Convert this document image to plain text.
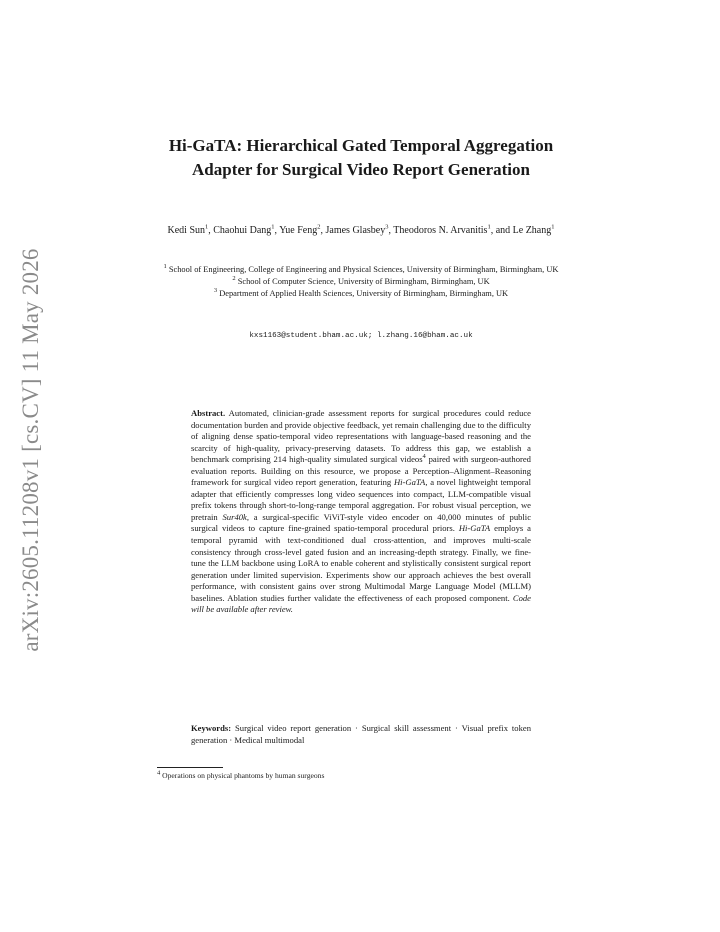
arXiv:2605.11208v1 [cs.CV] 11 May 2026
Hi-GaTA: Hierarchical Gated Temporal Aggregation Adapter for Surgical Video Report Generation
Kedi Sun$^1$, Chaohui Dang$^1$, Yue Feng$^2$, James Glasbey$^3$, Theodoros N. Arvanitis$^1$, and Le Zhang$^1$
$^1$ School of Engineering, College of Engineering and Physical Sciences, University of Birmingham, Birmingham, UK
$^2$ School of Computer Science, University of Birmingham, Birmingham, UK
$^3$ Department of Applied Health Sciences, University of Birmingham, Birmingham, UK
kxs1163@student.bham.ac.uk; l.zhang.16@bham.ac.uk
Abstract. Automated, clinician-grade assessment reports for surgical procedures could reduce documentation burden and provide objective feedback, yet remain challenging due to the difficulty of aligning dense spatio-temporal video representations with language-based reasoning and the scarcity of high-quality, privacy-preserving datasets. To address this gap, we establish a benchmark comprising 214 high-quality simulated surgical videos$^4$ paired with surgeon-authored evaluation reports. Building on this resource, we propose a Perception–Alignment–Reasoning framework for surgical video report generation, featuring Hi-GaTA, a novel lightweight temporal adapter that efficiently compresses long video sequences into compact, LLM-compatible visual prefix tokens through short-to-long-range temporal aggregation. For robust visual perception, we pretrain Sur40k, a surgical-specific ViViT-style video encoder on 40,000 minutes of public surgical videos to capture fine-grained spatio-temporal procedural priors. Hi-GaTA employs a temporal pyramid with text-conditioned dual cross-attention, and improves multi-scale consistency through cross-level gated fusion and an increasing-depth strategy. Finally, we fine-tune the LLM backbone using LoRA to enable coherent and stylistically consistent surgical report generation under limited supervision. Experiments show our approach achieves the best overall performance, with consistent gains over strong Multimodal Marge Language Model (MLLM) baselines. Ablation studies further validate the effectiveness of each proposed component. Code will be available after review.
Keywords: Surgical video report generation · Surgical skill assessment · Visual prefix token generation · Medical multimodal
$^4$ Operations on physical phantoms by human surgeons
